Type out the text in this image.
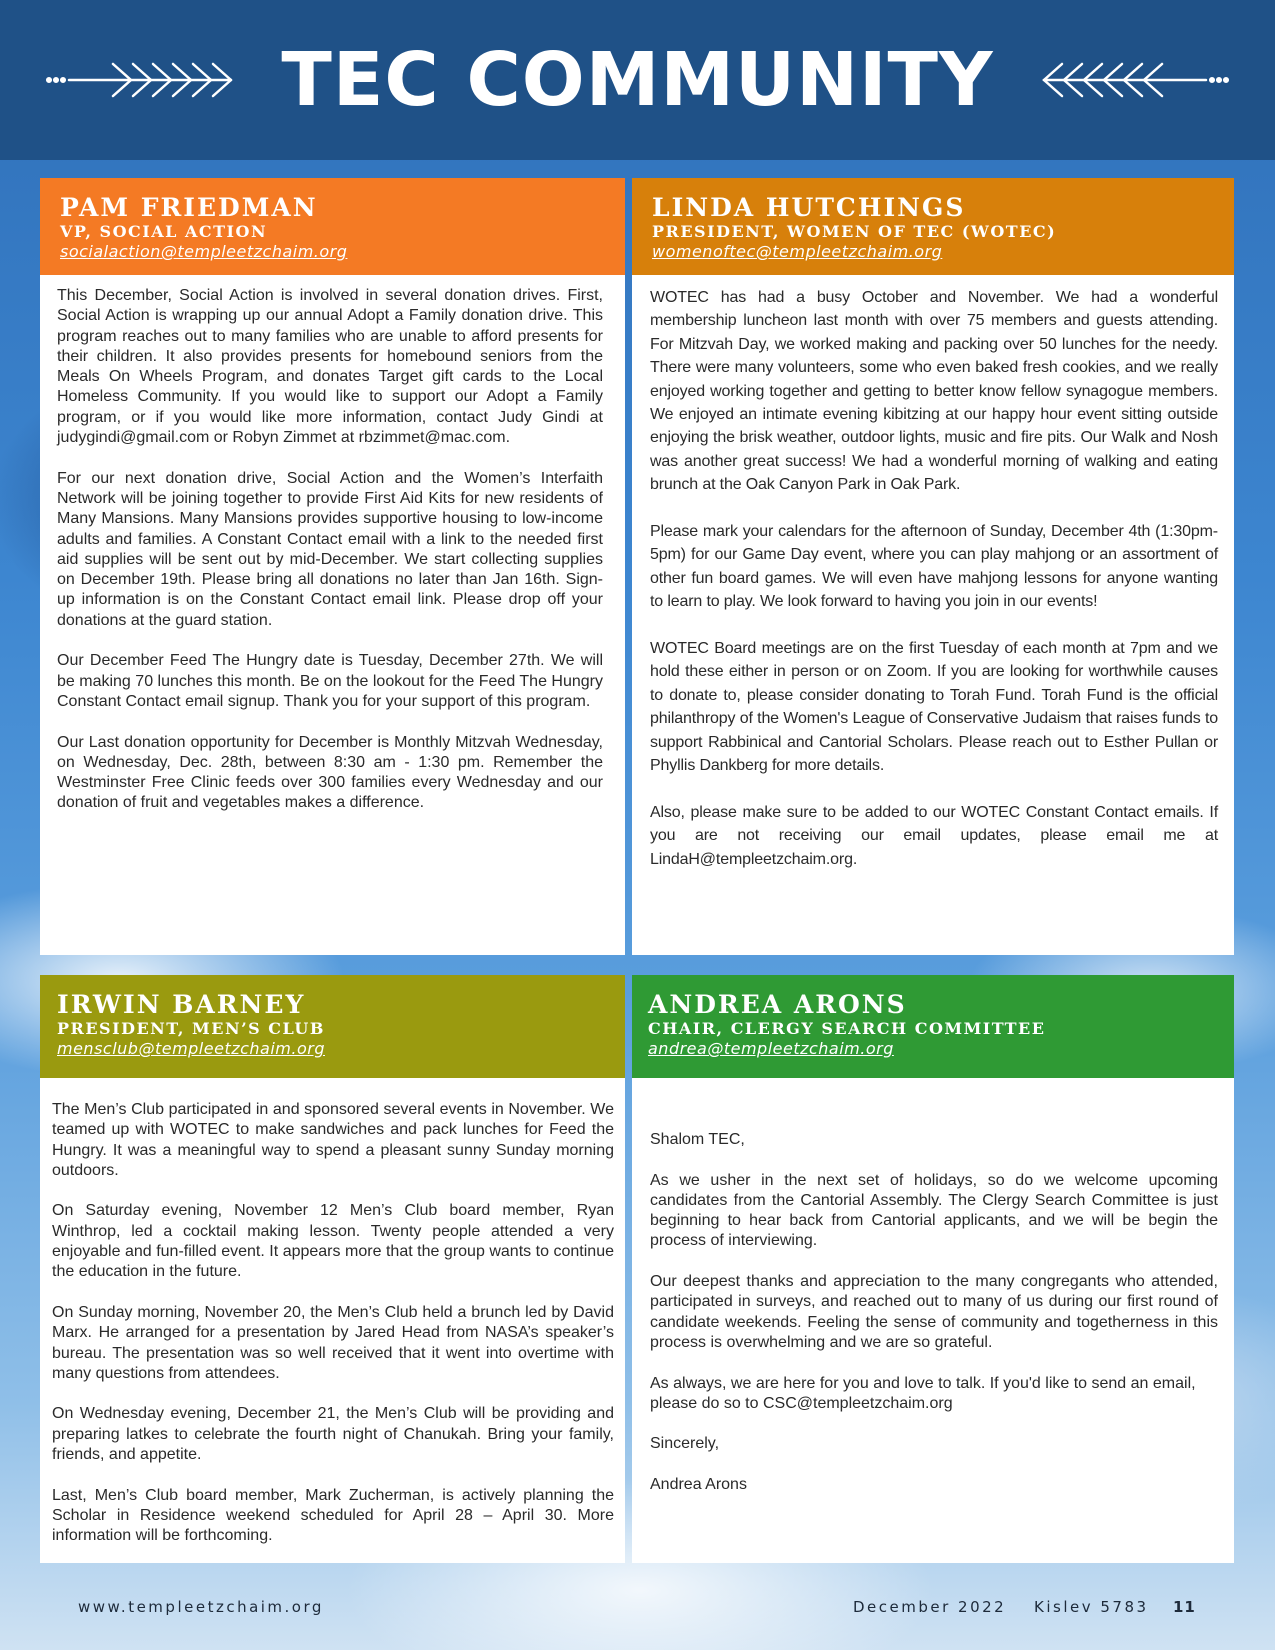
TEC COMMUNITY
PAM FRIEDMAN
VP, SOCIAL ACTION
socialaction@templeetzchaim.org

This December, Social Action is involved in several donation drives. First, Social Action is wrapping up our annual Adopt a Family donation drive. This program reaches out to many families who are unable to afford presents for their children. It also provides presents for homebound seniors from the Meals On Wheels Program, and donates Target gift cards to the Local Homeless Community. If you would like to support our Adopt a Family program, or if you would like more information, contact Judy Gindi at judygindi@gmail.com or Robyn Zimmet at rbzimmet@mac.com.

For our next donation drive, Social Action and the Women’s Interfaith Network will be joining together to provide First Aid Kits for new residents of Many Mansions. Many Mansions provides supportive housing to low-income adults and families. A Constant Contact email with a link to the needed first aid supplies will be sent out by mid-December. We start collecting supplies on December 19th. Please bring all donations no later than Jan 16th. Sign-up information is on the Constant Contact email link. Please drop off your donations at the guard station.

Our December Feed The Hungry date is Tuesday, December 27th. We will be making 70 lunches this month. Be on the lookout for the Feed The Hungry Constant Contact email signup. Thank you for your support of this program.

Our Last donation opportunity for December is Monthly Mitzvah Wednesday, on Wednesday, Dec. 28th, between 8:30 am - 1:30 pm. Remember the Westminster Free Clinic feeds over 300 families every Wednesday and our donation of fruit and vegetables makes a difference.

LINDA HUTCHINGS
PRESIDENT, WOMEN OF TEC (WOTEC)
womenoftec@templeetzchaim.org

WOTEC has had a busy October and November. We had a wonderful membership luncheon last month with over 75 members and guests attending. For Mitzvah Day, we worked making and packing over 50 lunches for the needy. There were many volunteers, some who even baked fresh cookies, and we really enjoyed working together and getting to better know fellow synagogue members. We enjoyed an intimate evening kibitzing at our happy hour event sitting outside enjoying the brisk weather, outdoor lights, music and fire pits. Our Walk and Nosh was another great success! We had a wonderful morning of walking and eating brunch at the Oak Canyon Park in Oak Park.

Please mark your calendars for the afternoon of Sunday, December 4th (1:30pm-5pm) for our Game Day event, where you can play mahjong or an assortment of other fun board games. We will even have mahjong lessons for anyone wanting to learn to play. We look forward to having you join in our events!

WOTEC Board meetings are on the first Tuesday of each month at 7pm and we hold these either in person or on Zoom. If you are looking for worthwhile causes to donate to, please consider donating to Torah Fund. Torah Fund is the official philanthropy of the Women's League of Conservative Judaism that raises funds to support Rabbinical and Cantorial Scholars. Please reach out to Esther Pullan or Phyllis Dankberg for more details.

Also, please make sure to be added to our WOTEC Constant Contact emails. If you are not receiving our email updates, please email me at LindaH@templeetzchaim.org.

IRWIN BARNEY
PRESIDENT, MEN’S CLUB
mensclub@templeetzchaim.org

The Men’s Club participated in and sponsored several events in November. We teamed up with WOTEC to make sandwiches and pack lunches for Feed the Hungry. It was a meaningful way to spend a pleasant sunny Sunday morning outdoors.

On Saturday evening, November 12 Men’s Club board member, Ryan Winthrop, led a cocktail making lesson. Twenty people attended a very enjoyable and fun-filled event. It appears more that the group wants to continue the education in the future.

On Sunday morning, November 20, the Men’s Club held a brunch led by David Marx. He arranged for a presentation by Jared Head from NASA’s speaker’s bureau. The presentation was so well received that it went into overtime with many questions from attendees.

On Wednesday evening, December 21, the Men’s Club will be providing and preparing latkes to celebrate the fourth night of Chanukah. Bring your family, friends, and appetite.

Last, Men’s Club board member, Mark Zucherman, is actively planning the Scholar in Residence weekend scheduled for April 28 – April 30. More information will be forthcoming.

ANDREA ARONS
CHAIR, CLERGY SEARCH COMMITTEE
andrea@templeetzchaim.org

Shalom TEC,

As we usher in the next set of holidays, so do we welcome upcoming candidates from the Cantorial Assembly. The Clergy Search Committee is just beginning to hear back from Cantorial applicants, and we will be begin the process of interviewing.

Our deepest thanks and appreciation to the many congregants who attended, participated in surveys, and reached out to many of us during our first round of candidate weekends. Feeling the sense of community and togetherness in this process is overwhelming and we are so grateful.

As always, we are here for you and love to talk. If you'd like to send an email, please do so to CSC@templeetzchaim.org

Sincerely,

Andrea Arons

www.templeetzchaim.org	December 2022 Kislev 5783 11
